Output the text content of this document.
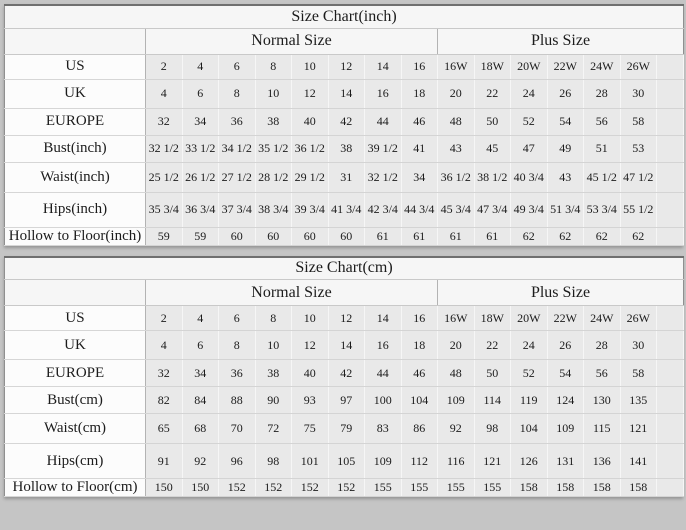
Size Chart(inch)															
	Normal Size								Plus Size						
US	2	4	6	8	10	12	14	16	16W	18W	20W	22W	24W	26W	
UK	4	6	8	10	12	14	16	18	20	22	24	26	28	30	
EUROPE	32	34	36	38	40	42	44	46	48	50	52	54	56	58	
Bust(inch)	32 1/2	33 1/2	34 1/2	35 1/2	36 1/2	38	39 1/2	41	43	45	47	49	51	53	
Waist(inch)	25 1/2	26 1/2	27 1/2	28 1/2	29 1/2	31	32 1/2	34	36 1/2	38 1/2	40 3/4	43	45 1/2	47 1/2	
Hips(inch)	35 3/4	36 3/4	37 3/4	38 3/4	39 3/4	41 3/4	42 3/4	44 3/4	45 3/4	47 3/4	49 3/4	51 3/4	53 3/4	55 1/2	
Hollow to Floor(inch)	59	59	60	60	60	60	61	61	61	61	62	62	62	62	
Size Chart(cm)															
	Normal Size								Plus Size						
US	2	4	6	8	10	12	14	16	16W	18W	20W	22W	24W	26W	
UK	4	6	8	10	12	14	16	18	20	22	24	26	28	30	
EUROPE	32	34	36	38	40	42	44	46	48	50	52	54	56	58	
Bust(cm)	82	84	88	90	93	97	100	104	109	114	119	124	130	135	
Waist(cm)	65	68	70	72	75	79	83	86	92	98	104	109	115	121	
Hips(cm)	91	92	96	98	101	105	109	112	116	121	126	131	136	141	
Hollow to Floor(cm)	150	150	152	152	152	152	155	155	155	155	158	158	158	158	
